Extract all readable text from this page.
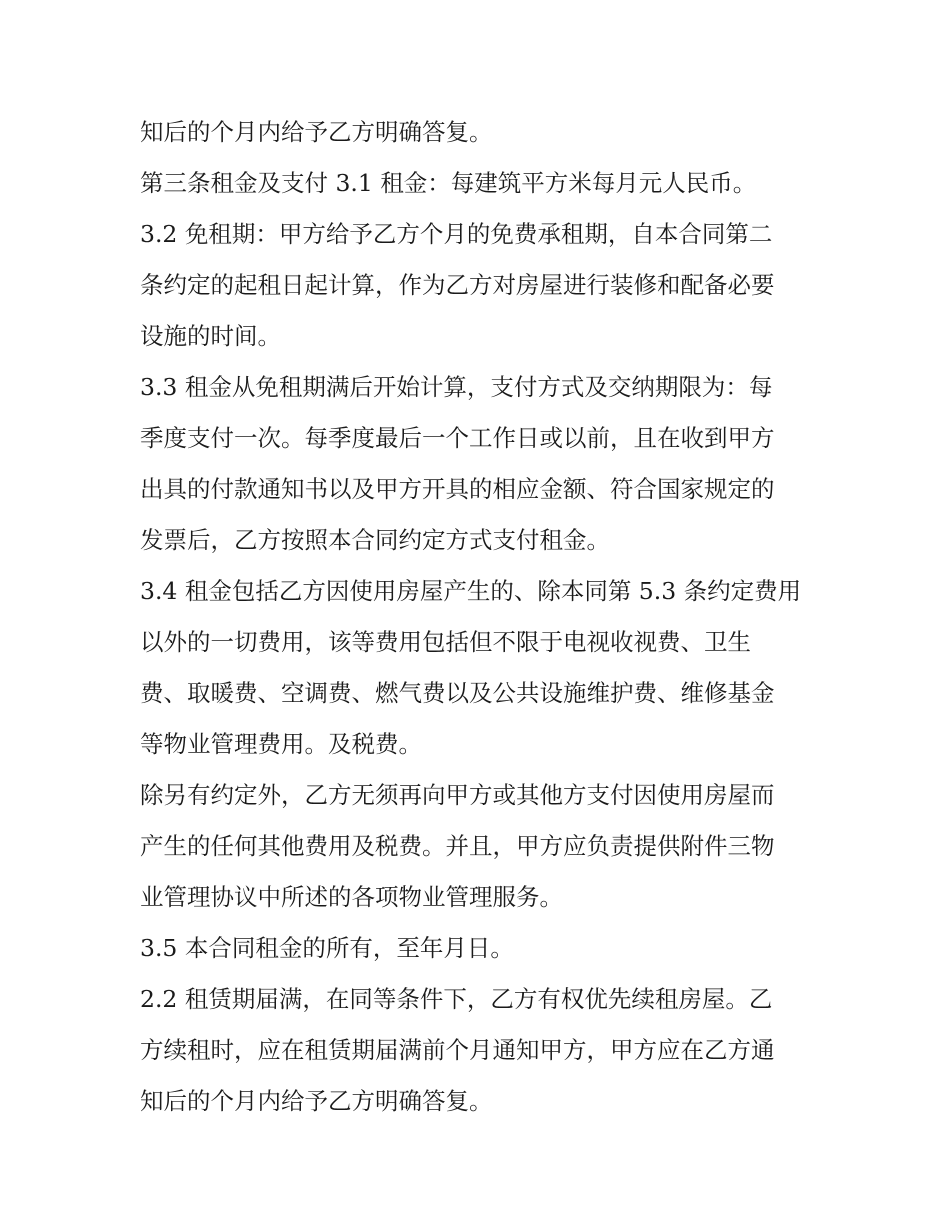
知后的个月内给予乙方明确答复。

第三条租金及支付 3.1 租金：每建筑平方米每月元人民币。

3.2 免租期：甲方给予乙方个月的免费承租期，自本合同第二
条约定的起租日起计算，作为乙方对房屋进行装修和配备必要
设施的时间。

3.3 租金从免租期满后开始计算，支付方式及交纳期限为：每
季度支付一次。每季度最后一个工作日或以前，且在收到甲方
出具的付款通知书以及甲方开具的相应金额、符合国家规定的
发票后，乙方按照本合同约定方式支付租金。

3.4 租金包括乙方因使用房屋产生的、除本同第 5.3 条约定费用
以外的一切费用，该等费用包括但不限于电视收视费、卫生
费、取暖费、空调费、燃气费以及公共设施维护费、维修基金
等物业管理费用。及税费。

除另有约定外，乙方无须再向甲方或其他方支付因使用房屋而
产生的任何其他费用及税费。并且，甲方应负责提供附件三物
业管理协议中所述的各项物业管理服务。

3.5 本合同租金的所有，至年月日。

2.2 租赁期届满，在同等条件下，乙方有权优先续租房屋。乙
方续租时，应在租赁期届满前个月通知甲方，甲方应在乙方通
知后的个月内给予乙方明确答复。
